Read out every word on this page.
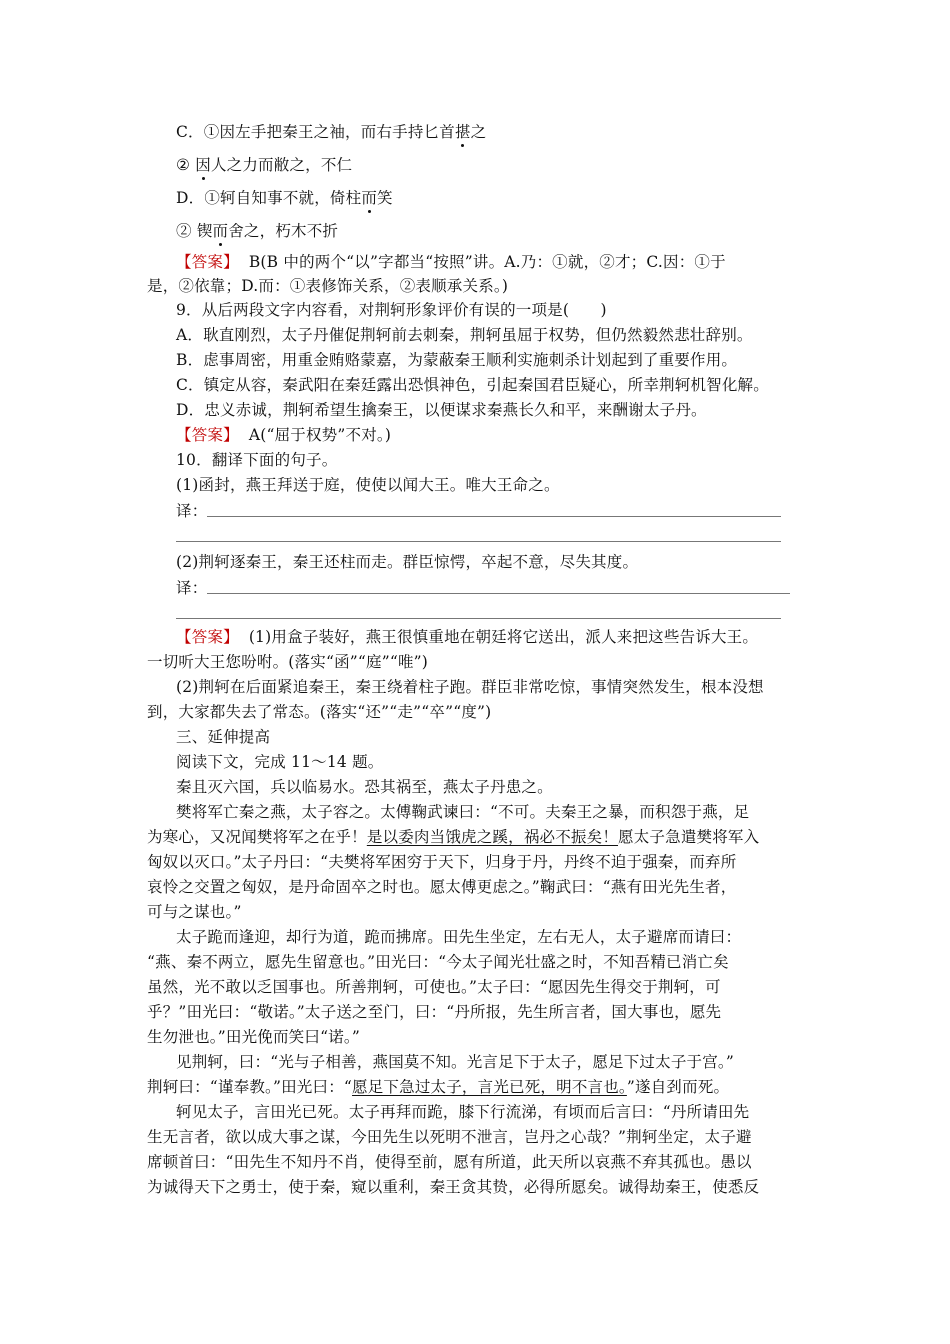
C．①因左手把秦王之袖，而右手持匕首揕之
② 因人之力而敝之，不仁
D．①轲自知事不就，倚柱而笑
② 锲而舍之，朽木不折
【答案】 B(B 中的两个“以”字都当“按照”讲。A.乃：①就，②才；C.因：①于
是，②依靠；D.而：①表修饰关系，②表顺承关系。)
9．从后两段文字内容看，对荆轲形象评价有误的一项是(　　)
A．耿直刚烈，太子丹催促荆轲前去刺秦，荆轲虽屈于权势，但仍然毅然悲壮辞别。
B．虑事周密，用重金贿赂蒙嘉，为蒙蔽秦王顺利实施刺杀计划起到了重要作用。
C．镇定从容，秦武阳在秦廷露出恐惧神色，引起秦国君臣疑心，所幸荆轲机智化解。
D．忠义赤诚，荆轲希望生擒秦王，以便谋求秦燕长久和平，来酬谢太子丹。
【答案】 A(“屈于权势”不对。)
10．翻译下面的句子。
(1)函封，燕王拜送于庭，使使以闻大王。唯大王命之。
译：
(2)荆轲逐秦王，秦王还柱而走。群臣惊愕，卒起不意，尽失其度。
译：
【答案】 (1)用盒子装好，燕王很慎重地在朝廷将它送出，派人来把这些告诉大王。
一切听大王您吩咐。(落实“函”“庭”“唯”)
(2)荆轲在后面紧追秦王，秦王绕着柱子跑。群臣非常吃惊，事情突然发生，根本没想
到，大家都失去了常态。(落实“还”“走”“卒”“度”)
三、延伸提高
阅读下文，完成 11～14 题。
秦且灭六国，兵以临易水。恐其祸至，燕太子丹患之。
樊将军亡秦之燕，太子容之。太傅鞠武谏曰：“不可。夫秦王之暴，而积怨于燕，足
为寒心，又况闻樊将军之在乎！是以委肉当饿虎之蹊，祸必不振矣！愿太子急遣樊将军入
匈奴以灭口。”太子丹曰：“夫樊将军困穷于天下，归身于丹，丹终不迫于强秦，而弃所
哀怜之交置之匈奴，是丹命固卒之时也。愿太傅更虑之。”鞠武曰：“燕有田光先生者，
可与之谋也。”
太子跪而逢迎，却行为道，跪而拂席。田先生坐定，左右无人，太子避席而请曰：
“燕、秦不两立，愿先生留意也。”田光曰：“今太子闻光壮盛之时，不知吾精已消亡矣
虽然，光不敢以乏国事也。所善荆轲，可使也。”太子曰：“愿因先生得交于荆轲，可
乎？”田光曰：“敬诺。”太子送之至门，曰：“丹所报，先生所言者，国大事也，愿先
生勿泄也。”田光俛而笑曰“诺。”
见荆轲，曰：“光与子相善，燕国莫不知。光言足下于太子，愿足下过太子于宫。”
荆轲曰：“谨奉教。”田光曰：“愿足下急过太子，言光已死，明不言也。”遂自刭而死。
轲见太子，言田光已死。太子再拜而跪，膝下行流涕，有顷而后言曰：“丹所请田先
生无言者，欲以成大事之谋，今田先生以死明不泄言，岂丹之心哉？”荆轲坐定，太子避
席顿首曰：“田先生不知丹不肖，使得至前，愿有所道，此天所以哀燕不弃其孤也。愚以
为诚得天下之勇士，使于秦，窥以重利，秦王贪其贽，必得所愿矣。诚得劫秦王，使悉反
